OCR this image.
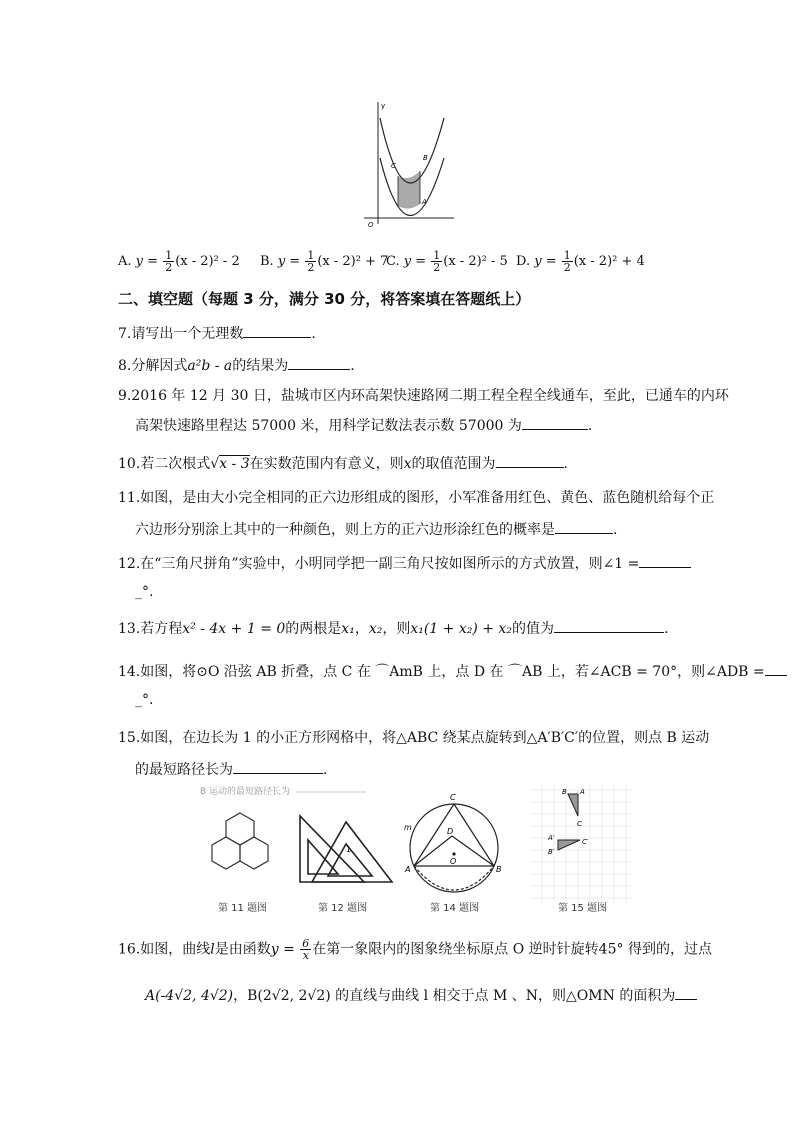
y
O
B
C
A
A. $y = \frac{1}{2} (x - 2)^2 - 2$ B. $y = \frac{1}{2} (x - 2)^2 + 7$
C. $y = \frac{1}{2} (x - 2)^2 - 5$ D. $y = \frac{1}{2} (x - 2)^2 + 4$
二、填空题（每题 3 分，满分 30 分，将答案填在答题纸上）
7.请写出一个无理数	.
8.分解因式a²b - a的结果为	.
9.2016 年 12 月 30 日，盐城市区内环高架快速路网二期工程全程全线通车，至此，已通车的内环
高架快速路里程达 57000 米，用科学记数法表示数 57000 为	.
10.若二次根式√x - 3在实数范围内有意义，则x的取值范围为	.
11.如图，是由大小完全相同的正六边形组成的图形，小军准备用红色、黄色、蓝色随机给每个正
六边形分别涂上其中的一种颜色，则上方的正六边形涂红色的概率是	.
12.在“三角尺拼角”实验中，小明同学把一副三角尺按如图所示的方式放置，则∠1 =
_°.
13.若方程x² - 4x + 1 = 0的两根是x₁，x₂，则x₁(1 + x₂) + x₂的值为	.
14.如图，将⊙O 沿弦 AB 折叠，点 C 在 ⌒AmB 上，点 D 在 ⌒AB 上，若∠ACB = 70°，则∠ADB =
_°.
15.如图，在边长为 1 的小正方形网格中，将△ABC 绕某点旋转到△A′B′C′的位置，则点 B 运动
的最短路径长为	.
B 运动的最短路径长为
第 11 题图
1
第 12 题图
C
D
O
A	B
m
第 14 题图
B A
C
A′
B′
C′
第 15 题图
16.如图，曲线l是由函数$y = \frac{6}{x}$ 在第一象限内的图象绕坐标原点 O 逆时针旋转45° 得到的，过点
A(-4√2, 4√2)，B(2√2, 2√2) 的直线与曲线 l 相交于点 M 、N，则△OMN 的面积为
